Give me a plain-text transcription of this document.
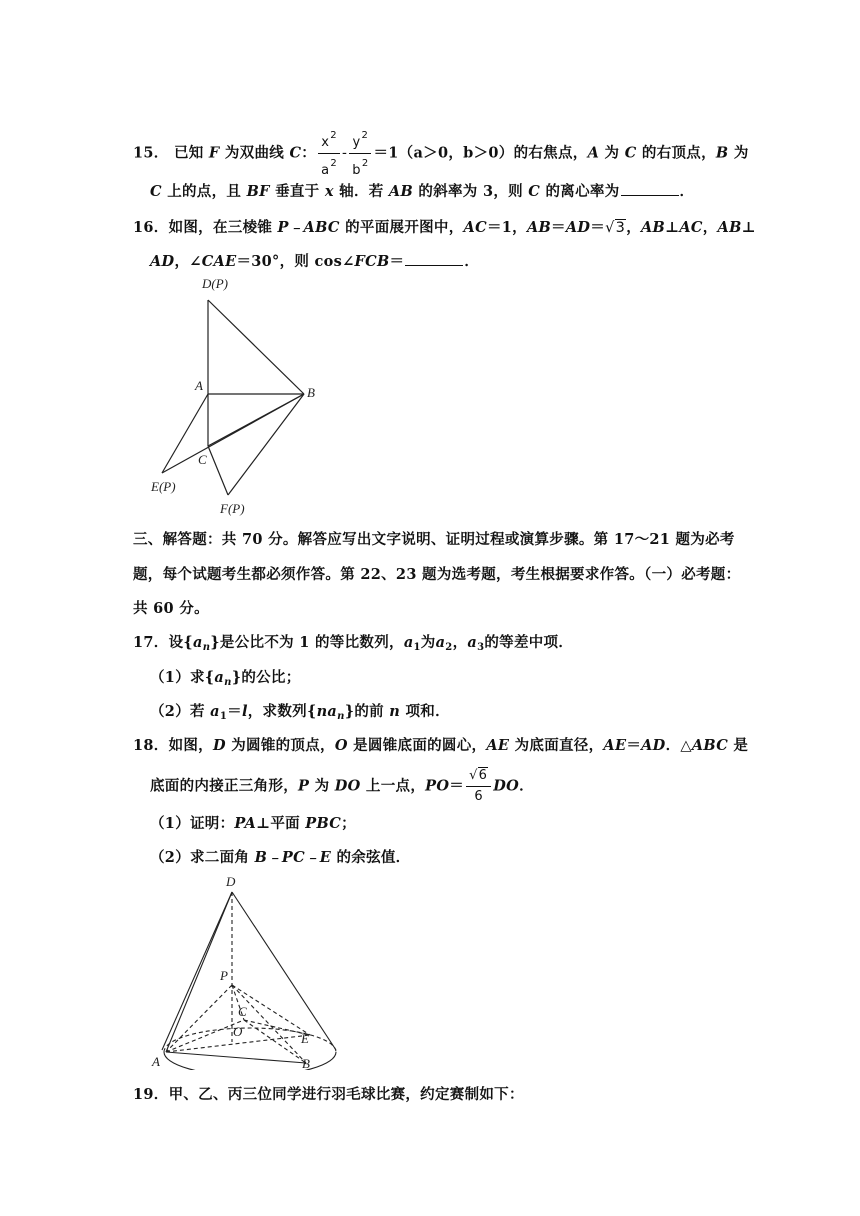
15． 已知 F 为双曲线 C： $\frac{x^2}{a^2} - \frac{y^2}{b^2} =1(a>0$，b＞0）的右焦点，A 为 C 的右顶点，B 为
C 上的点，且 BF 垂直于 x 轴．若 AB 的斜率为 3，则 C 的离心率为	．
16．如图，在三棱锥 P﹣ABC 的平面展开图中，AC＝1，AB＝AD＝√3，AB⊥AC，AB⊥
AD，∠CAE＝30°，则 cos∠FCB＝	．
D(P)
A	B
C
E(P)
F(P)
三、解答题：共 70 分。解答应写出文字说明、证明过程或演算步骤。第 17～21 题为必考
题，每个试题考生都必须作答。第 22、23 题为选考题，考生根据要求作答。（一）必考题：
共 60 分。
17．设$\{a_n\}$是公比不为 1 的等比数列，$a_1$为$a_2$，$a_3$的等差中项．
（1）求$\{a_n\}$的公比；
（2）若 $a_1=l$，求数列$\{na_n\}$的前 n 项和．
18．如图，D 为圆锥的顶点，O 是圆锥底面的圆心，AE 为底面直径，AE＝AD．△ABC 是
底面的内接正三角形，P 为 DO 上一点，$PO= \frac{√6}{6}$ DO．
（1）证明：PA⊥平面 PBC；
（2）求二面角 B﹣PC﹣E 的余弦值．
D
P
C
O	E
A	B
19．甲、乙、丙三位同学进行羽毛球比赛，约定赛制如下：
